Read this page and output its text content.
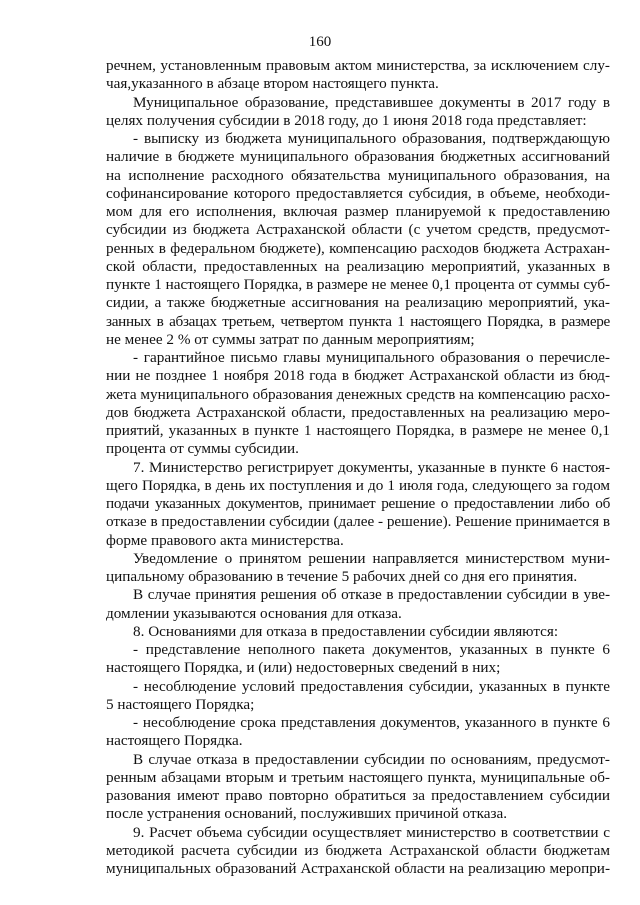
160
речнем, установленным правовым актом министерства, за исключением слу-
чая,указанного в абзаце втором настоящего пункта.
Муниципальное образование, представившее документы в 2017 году в
целях получения субсидии в 2018 году, до 1 июня 2018 года представляет:
- выписку из бюджета муниципального образования, подтверждающую
наличие в бюджете муниципального образования бюджетных ассигнований
на исполнение расходного обязательства муниципального образования, на
софинансирование которого предоставляется субсидия, в объеме, необходи-
мом для его исполнения, включая размер планируемой к предоставлению
субсидии из бюджета Астраханской области (с учетом средств, предусмот-
ренных в федеральном бюджете), компенсацию расходов бюджета Астрахан-
ской области, предоставленных на реализацию мероприятий, указанных в
пункте 1 настоящего Порядка, в размере не менее 0,1 процента от суммы суб-
сидии, а также бюджетные ассигнования на реализацию мероприятий, ука-
занных в абзацах третьем, четвертом пункта 1 настоящего Порядка, в размере
не менее 2 % от суммы затрат по данным мероприятиям;
- гарантийное письмо главы муниципального образования о перечисле-
нии не позднее 1 ноября 2018 года в бюджет Астраханской области из бюд-
жета муниципального образования денежных средств на компенсацию расхо-
дов бюджета Астраханской области, предоставленных на реализацию меро-
приятий, указанных в пункте 1 настоящего Порядка, в размере не менее 0,1
процента от суммы субсидии.
7. Министерство регистрирует документы, указанные в пункте 6 настоя-
щего Порядка, в день их поступления и до 1 июля года, следующего за годом
подачи указанных документов, принимает решение о предоставлении либо об
отказе в предоставлении субсидии (далее - решение). Решение принимается в
форме правового акта министерства.
Уведомление о принятом решении направляется министерством муни-
ципальному образованию в течение 5 рабочих дней со дня его принятия.
В случае принятия решения об отказе в предоставлении субсидии в уве-
домлении указываются основания для отказа.
8. Основаниями для отказа в предоставлении субсидии являются:
- представление неполного пакета документов, указанных в пункте 6
настоящего Порядка, и (или) недостоверных сведений в них;
- несоблюдение условий предоставления субсидии, указанных в пункте
5 настоящего Порядка;
- несоблюдение срока представления документов, указанного в пункте 6
настоящего Порядка.
В случае отказа в предоставлении субсидии по основаниям, предусмот-
ренным абзацами вторым и третьим настоящего пункта, муниципальные об-
разования имеют право повторно обратиться за предоставлением субсидии
после устранения оснований, послуживших причиной отказа.
9. Расчет объема субсидии осуществляет министерство в соответствии с
методикой расчета субсидии из бюджета Астраханской области бюджетам
муниципальных образований Астраханской области на реализацию меропри-
